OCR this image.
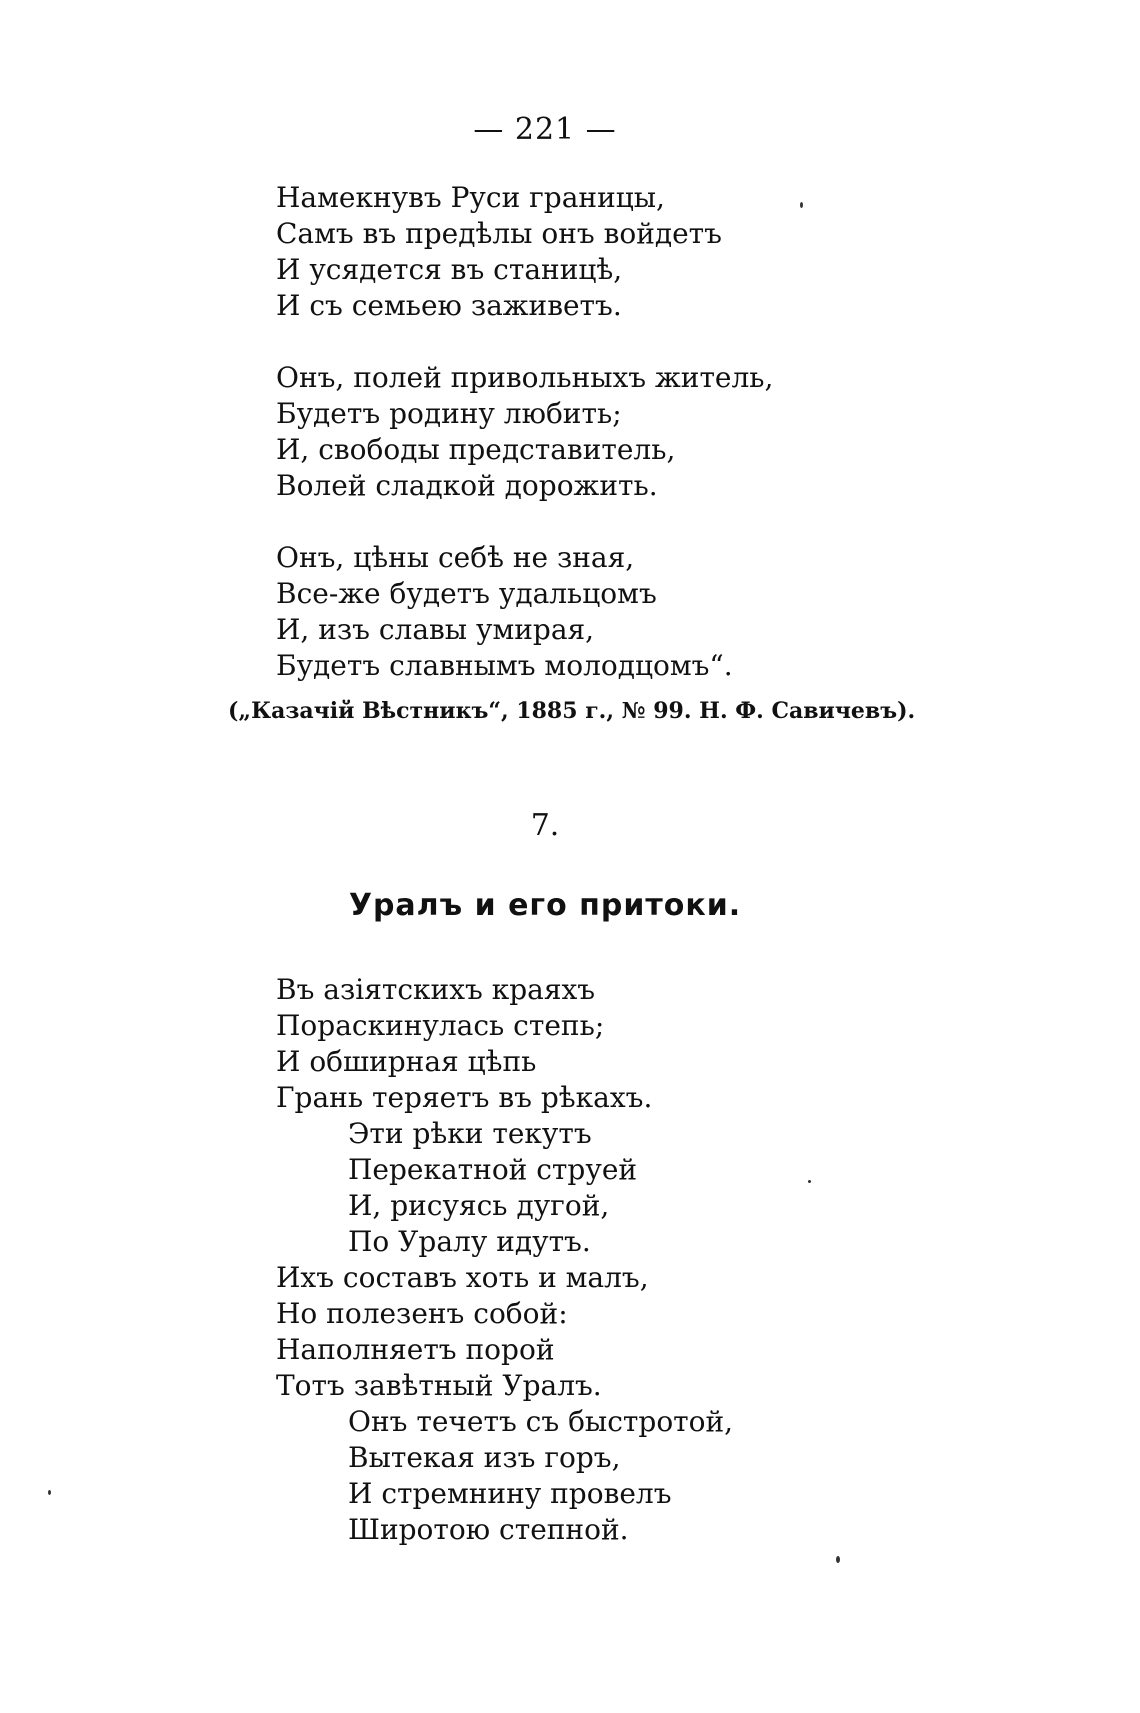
— 221 —
Намекнувъ Руси границы,
Самъ въ предѣлы онъ войдетъ
И усядется въ станицѣ,
И съ семьею заживетъ.
Онъ, полей привольныхъ житель,
Будетъ родину любить;
И, свободы представитель,
Волей сладкой дорожить.
Онъ, цѣны себѣ не зная,
Все-же будетъ удальцомъ
И, изъ славы умирая,
Будетъ славнымъ молодцомъ“.
(„Казачій Вѣстникъ“, 1885 г., № 99. Н. Ф. Савичевъ).
7.
Уралъ и его притоки.
Въ азіятскихъ краяхъ
Пораскинулась степь;
И обширная цѣпь
Грань теряетъ въ рѣкахъ.
Эти рѣки текутъ
Перекатной струей
И, рисуясь дугой,
По Уралу идутъ.
Ихъ составъ хоть и малъ,
Но полезенъ собой:
Наполняетъ порой
Тотъ завѣтный Уралъ.
Онъ течетъ съ быстротой,
Вытекая изъ горъ,
И стремнину провелъ
Широтою степной.
